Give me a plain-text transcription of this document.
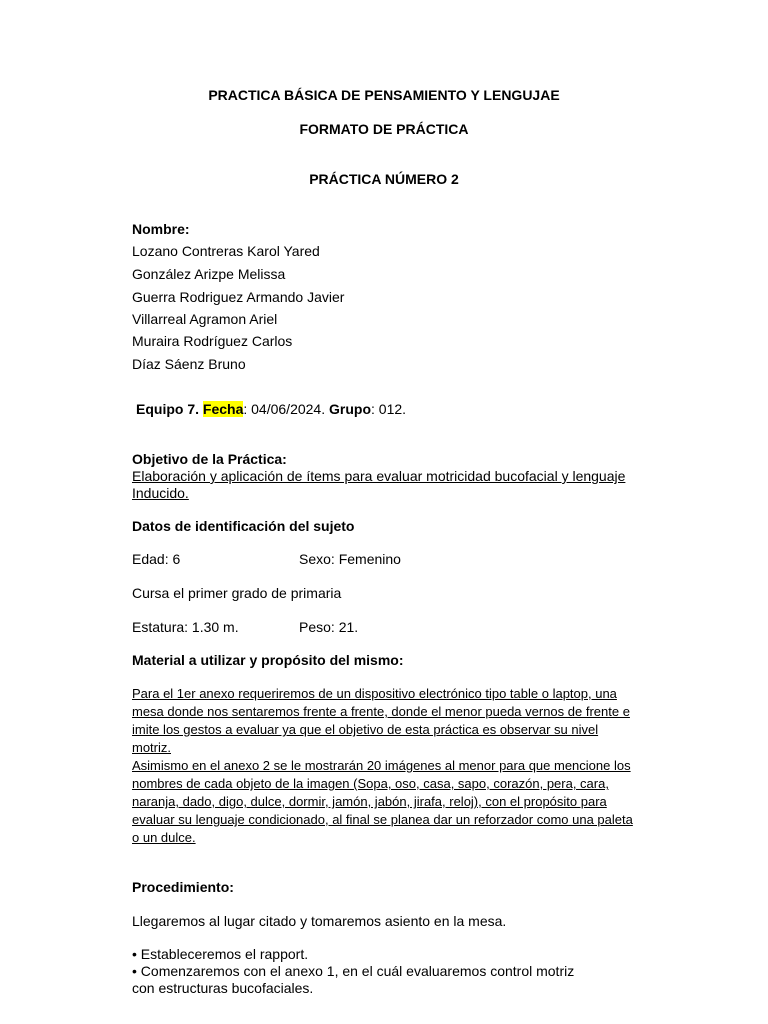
PRACTICA BÁSICA DE PENSAMIENTO Y LENGUJAE
FORMATO DE PRÁCTICA
PRÁCTICA NÚMERO 2
Nombre:
Lozano Contreras Karol Yared
González Arizpe Melissa
Guerra Rodriguez Armando Javier
Villarreal Agramon Ariel
Muraira Rodríguez Carlos
Díaz Sáenz Bruno
Equipo 7. Fecha: 04/06/2024. Grupo: 012.
Objetivo de la Práctica:
Elaboración y aplicación de ítems para evaluar motricidad bucofacial y lenguaje
Inducido.
Datos de identificación del sujeto
Edad: 6	Sexo: Femenino
Cursa el primer grado de primaria
Estatura: 1.30 m.	Peso: 21.
Material a utilizar y propósito del mismo:
Para el 1er anexo requeriremos de un dispositivo electrónico tipo table o laptop, una
mesa donde nos sentaremos frente a frente, donde el menor pueda vernos de frente e
imite los gestos a evaluar ya que el objetivo de esta práctica es observar su nivel
motriz.
Asimismo en el anexo 2 se le mostrarán 20 imágenes al menor para que mencione los
nombres de cada objeto de la imagen (Sopa, oso, casa, sapo, corazón, pera, cara,
naranja, dado, digo, dulce, dormir, jamón, jabón, jirafa, reloj), con el propósito para
evaluar su lenguaje condicionado, al final se planea dar un reforzador como una paleta
o un dulce.
Procedimiento:
Llegaremos al lugar citado y tomaremos asiento en la mesa.
• Estableceremos el rapport.
• Comenzaremos con el anexo 1, en el cuál evaluaremos control motriz
con estructuras bucofaciales.
